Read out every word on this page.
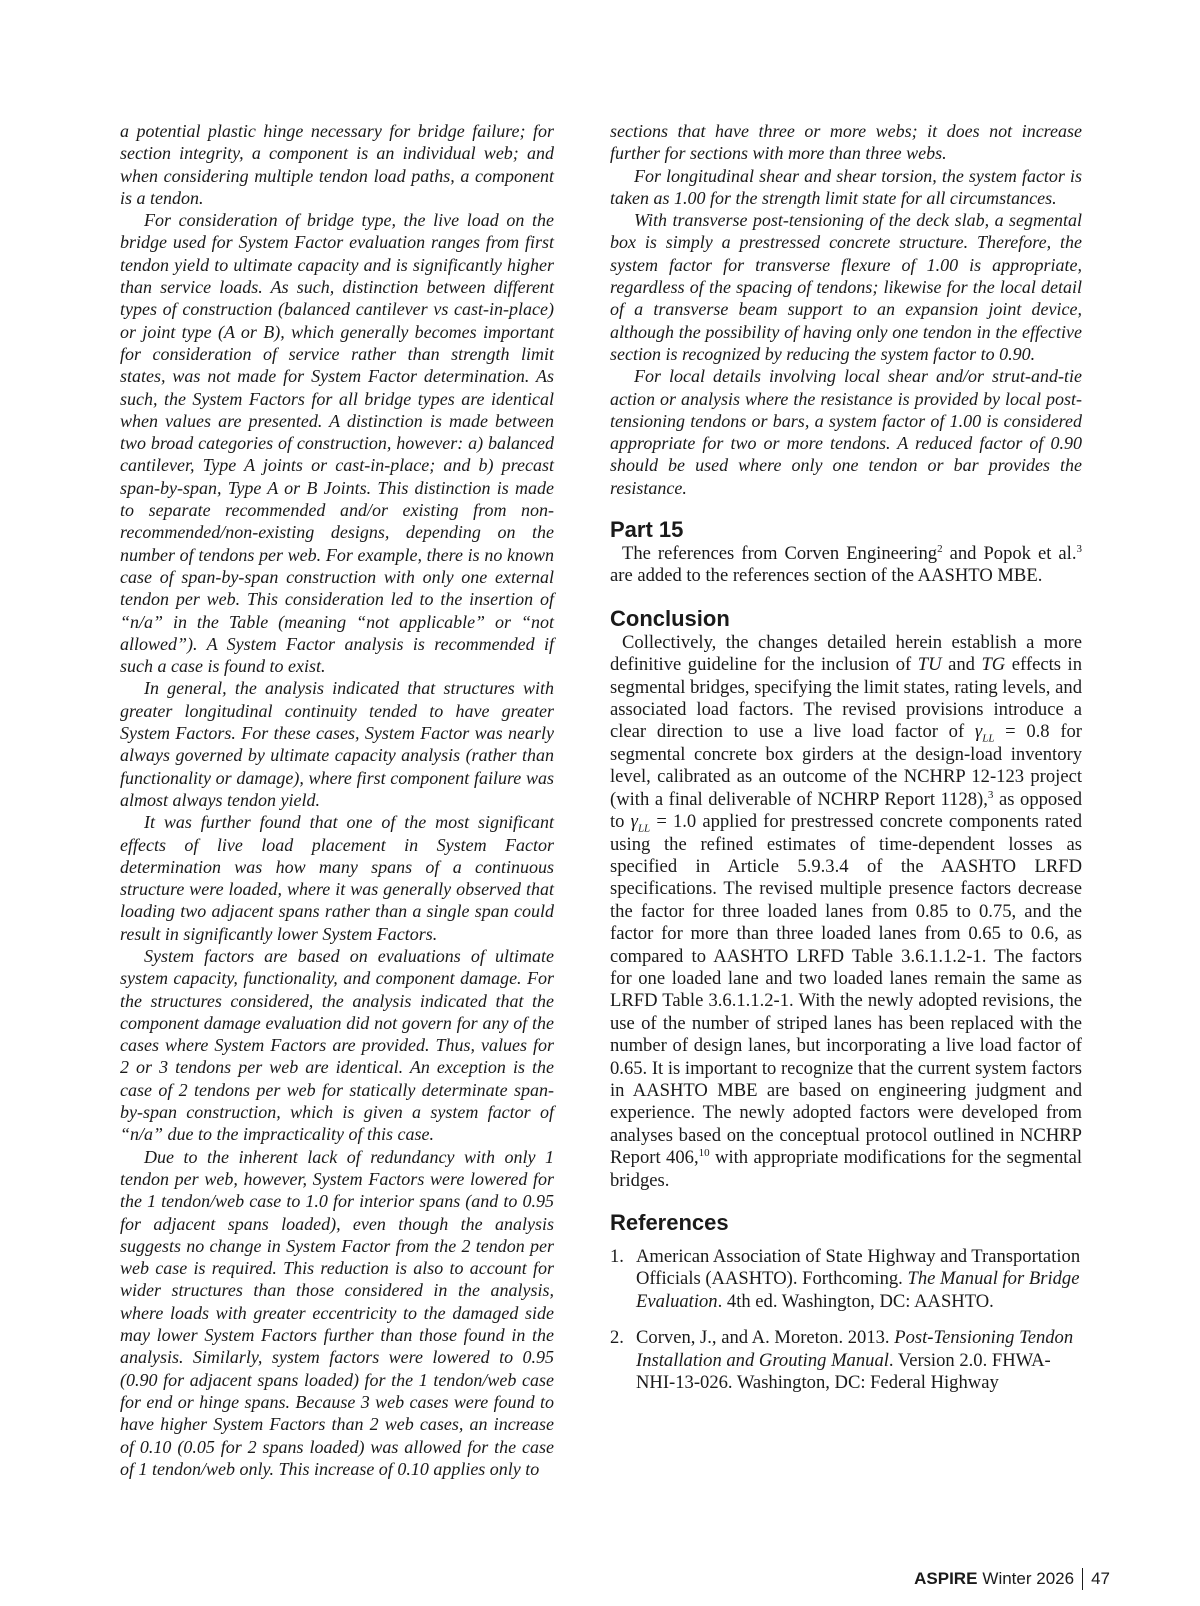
a potential plastic hinge necessary for bridge failure; for section integrity, a component is an individual web; and when considering multiple tendon load paths, a component is a tendon.

For consideration of bridge type, the live load on the bridge used for System Factor evaluation ranges from first tendon yield to ultimate capacity and is significantly higher than service loads. As such, distinction between different types of construction (balanced cantilever vs cast-in-place) or joint type (A or B), which generally becomes important for consideration of service rather than strength limit states, was not made for System Factor determination. As such, the System Factors for all bridge types are identical when values are presented. A distinction is made between two broad categories of construction, however: a) balanced cantilever, Type A joints or cast-in-place; and b) precast span-by-span, Type A or B Joints. This distinction is made to separate recommended and/or existing from non-recommended/non-existing designs, depending on the number of tendons per web. For example, there is no known case of span-by-span construction with only one external tendon per web. This consideration led to the insertion of “n/a” in the Table (meaning “not applicable” or “not allowed”). A System Factor analysis is recommended if such a case is found to exist.

In general, the analysis indicated that structures with greater longitudinal continuity tended to have greater System Factors. For these cases, System Factor was nearly always governed by ultimate capacity analysis (rather than functionality or damage), where first component failure was almost always tendon yield.

It was further found that one of the most significant effects of live load placement in System Factor determination was how many spans of a continuous structure were loaded, where it was generally observed that loading two adjacent spans rather than a single span could result in significantly lower System Factors.

System factors are based on evaluations of ultimate system capacity, functionality, and component damage. For the structures considered, the analysis indicated that the component damage evaluation did not govern for any of the cases where System Factors are provided. Thus, values for 2 or 3 tendons per web are identical. An exception is the case of 2 tendons per web for statically determinate span-by-span construction, which is given a system factor of “n/a” due to the impracticality of this case.

Due to the inherent lack of redundancy with only 1 tendon per web, however, System Factors were lowered for the 1 tendon/web case to 1.0 for interior spans (and to 0.95 for adjacent spans loaded), even though the analysis suggests no change in System Factor from the 2 tendon per web case is required. This reduction is also to account for wider structures than those considered in the analysis, where loads with greater eccentricity to the damaged side may lower System Factors further than those found in the analysis. Similarly, system factors were lowered to 0.95 (0.90 for adjacent spans loaded) for the 1 tendon/web case for end or hinge spans. Because 3 web cases were found to have higher System Factors than 2 web cases, an increase of 0.10 (0.05 for 2 spans loaded) was allowed for the case of 1 tendon/web only. This increase of 0.10 applies only to

sections that have three or more webs; it does not increase further for sections with more than three webs.

For longitudinal shear and shear torsion, the system factor is taken as 1.00 for the strength limit state for all circumstances.

With transverse post-tensioning of the deck slab, a segmental box is simply a prestressed concrete structure. Therefore, the system factor for transverse flexure of 1.00 is appropriate, regardless of the spacing of tendons; likewise for the local detail of a transverse beam support to an expansion joint device, although the possibility of having only one tendon in the effective section is recognized by reducing the system factor to 0.90.

For local details involving local shear and/or strut-and-tie action or analysis where the resistance is provided by local post-tensioning tendons or bars, a system factor of 1.00 is considered appropriate for two or more tendons. A reduced factor of 0.90 should be used where only one tendon or bar provides the resistance.

Part 15

The references from Corven Engineering$^2$ and Popok et al.$^3$ are added to the references section of the AASHTO MBE.

Conclusion

Collectively, the changes detailed herein establish a more definitive guideline for the inclusion of TU and TG effects in segmental bridges, specifying the limit states, rating levels, and associated load factors. The revised provisions introduce a clear direction to use a live load factor of $\gamma_{LL} = 0.8$ for segmental concrete box girders at the design-load inventory level, calibrated as an outcome of the NCHRP 12-123 project (with a final deliverable of NCHRP Report 1128),$^3$ as opposed to $\gamma_{LL} = 1.0$ applied for prestressed concrete components rated using the refined estimates of time-dependent losses as specified in Article 5.9.3.4 of the AASHTO LRFD specifications. The revised multiple presence factors decrease the factor for three loaded lanes from 0.85 to 0.75, and the factor for more than three loaded lanes from 0.65 to 0.6, as compared to AASHTO LRFD Table 3.6.1.1.2-1. The factors for one loaded lane and two loaded lanes remain the same as LRFD Table 3.6.1.1.2-1. With the newly adopted revisions, the use of the number of striped lanes has been replaced with the number of design lanes, but incorporating a live load factor of 0.65. It is important to recognize that the current system factors in AASHTO MBE are based on engineering judgment and experience. The newly adopted factors were developed from analyses based on the conceptual protocol outlined in NCHRP Report 406,10 with appropriate modifications for the segmental bridges.

References
1. American Association of State Highway and Transportation Officials (AASHTO). Forthcoming. The Manual for Bridge Evaluation. 4th ed. Washington, DC: AASHTO.
2. Corven, J., and A. Moreton. 2013. Post-Tensioning Tendon Installation and Grouting Manual. Version 2.0. FHWA-NHI-13-026. Washington, DC: Federal Highway
ASPIRE Winter 2026 47
